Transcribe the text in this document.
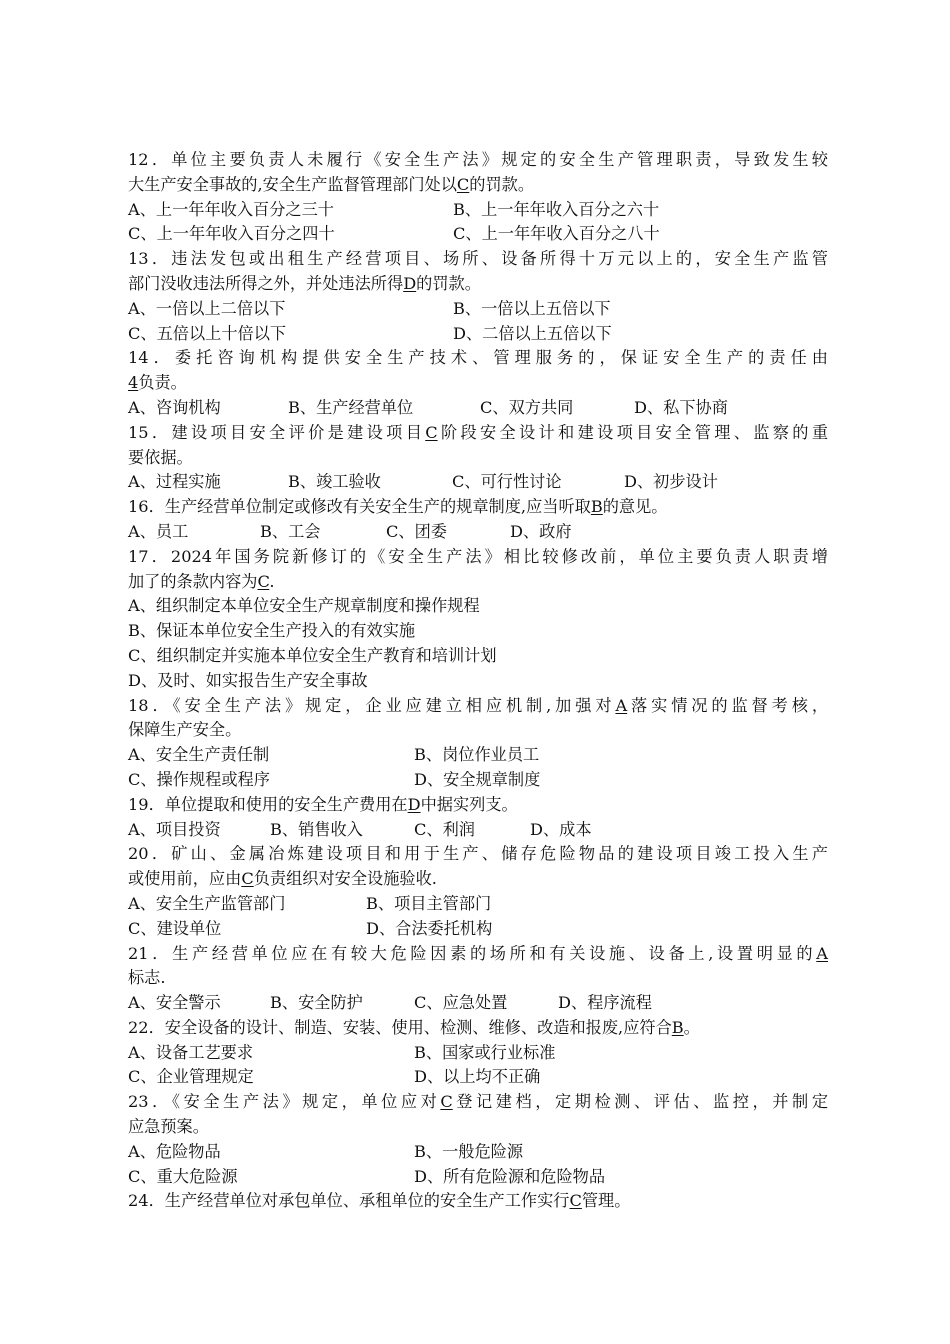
12．单位主要负责人未履行《安全生产法》规定的安全生产管理职责，导致发生较
大生产安全事故的,安全生产监督管理部门处以C的罚款。
A、上一年年收入百分之三十	B、上一年年收入百分之六十
C、上一年年收入百分之四十	C、上一年年收入百分之八十
13．违法发包或出租生产经营项目、场所、设备所得十万元以上的，安全生产监管
部门没收违法所得之外，并处违法所得D的罚款。
A、一倍以上二倍以下	B、一倍以上五倍以下
C、五倍以上十倍以下	D、二倍以上五倍以下
14．委托咨询机构提供安全生产技术、管理服务的，保证安全生产的责任由
4负责。
A、咨询机构	B、生产经营单位	C、双方共同	D、私下协商
15．建设项目安全评价是建设项目C阶段安全设计和建设项目安全管理、监察的重
要依据。
A、过程实施	B、竣工验收	C、可行性讨论	D、初步设计
16．生产经营单位制定或修改有关安全生产的规章制度,应当听取B的意见。
A、员工	B、工会	C、团委	D、政府
17．2024年国务院新修订的《安全生产法》相比较修改前，单位主要负责人职责增
加了的条款内容为C.
A、组织制定本单位安全生产规章制度和操作规程
B、保证本单位安全生产投入的有效实施
C、组织制定并实施本单位安全生产教育和培训计划
D、及时、如实报告生产安全事故
18．《安全生产法》规定，企业应建立相应机制,加强对A落实情况的监督考核，
保障生产安全。
A、安全生产责任制	B、岗位作业员工
C、操作规程或程序	D、安全规章制度
19．单位提取和使用的安全生产费用在D中据实列支。
A、项目投资	B、销售收入	C、利润	D、成本
20．矿山、金属冶炼建设项目和用于生产、储存危险物品的建设项目竣工投入生产
或使用前，应由C负责组织对安全设施验收.
A、安全生产监管部门	B、项目主管部门
C、建设单位	D、合法委托机构
21．生产经营单位应在有较大危险因素的场所和有关设施、设备上,设置明显的A
标志.
A、安全警示	B、安全防护	C、应急处置	D、程序流程
22．安全设备的设计、制造、安装、使用、检测、维修、改造和报废,应符合B。
A、设备工艺要求	B、国家或行业标准
C、企业管理规定	D、以上均不正确
23．《安全生产法》规定，单位应对C登记建档，定期检测、评估、监控，并制定
应急预案。
A、危险物品	B、一般危险源
C、重大危险源	D、所有危险源和危险物品
24．生产经营单位对承包单位、承租单位的安全生产工作实行C管理。
